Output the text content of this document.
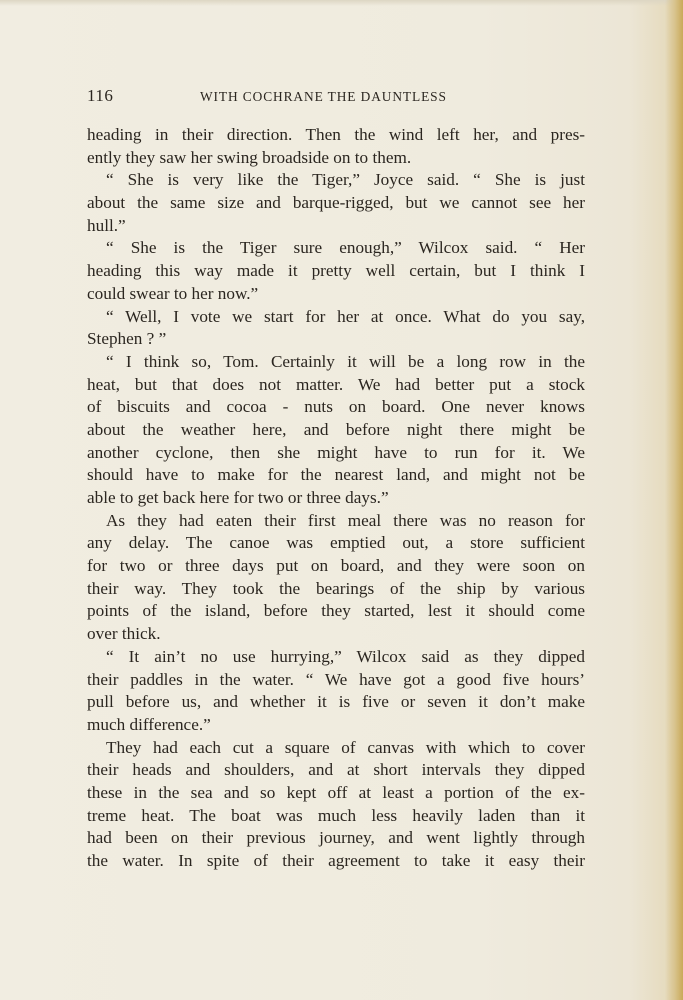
116	WITH COCHRANE THE DAUNTLESS
heading in their direction. Then the wind left her, and pres-
ently they saw her swing broadside on to them.
“ She is very like the Tiger,” Joyce said. “ She is just
about the same size and barque-rigged, but we cannot see her
hull.”
“ She is the Tiger sure enough,” Wilcox said. “ Her
heading this way made it pretty well certain, but I think I
could swear to her now.”
“ Well, I vote we start for her at once. What do you say,
Stephen ? ”
“ I think so, Tom. Certainly it will be a long row in the
heat, but that does not matter. We had better put a stock
of biscuits and cocoa - nuts on board. One never knows
about the weather here, and before night there might be
another cyclone, then she might have to run for it. We
should have to make for the nearest land, and might not be
able to get back here for two or three days.”
As they had eaten their first meal there was no reason for
any delay. The canoe was emptied out, a store sufficient
for two or three days put on board, and they were soon on
their way. They took the bearings of the ship by various
points of the island, before they started, lest it should come
over thick.
“ It ain’t no use hurrying,” Wilcox said as they dipped
their paddles in the water. “ We have got a good five hours’
pull before us, and whether it is five or seven it don’t make
much difference.”
They had each cut a square of canvas with which to cover
their heads and shoulders, and at short intervals they dipped
these in the sea and so kept off at least a portion of the ex-
treme heat. The boat was much less heavily laden than it
had been on their previous journey, and went lightly through
the water. In spite of their agreement to take it easy their
